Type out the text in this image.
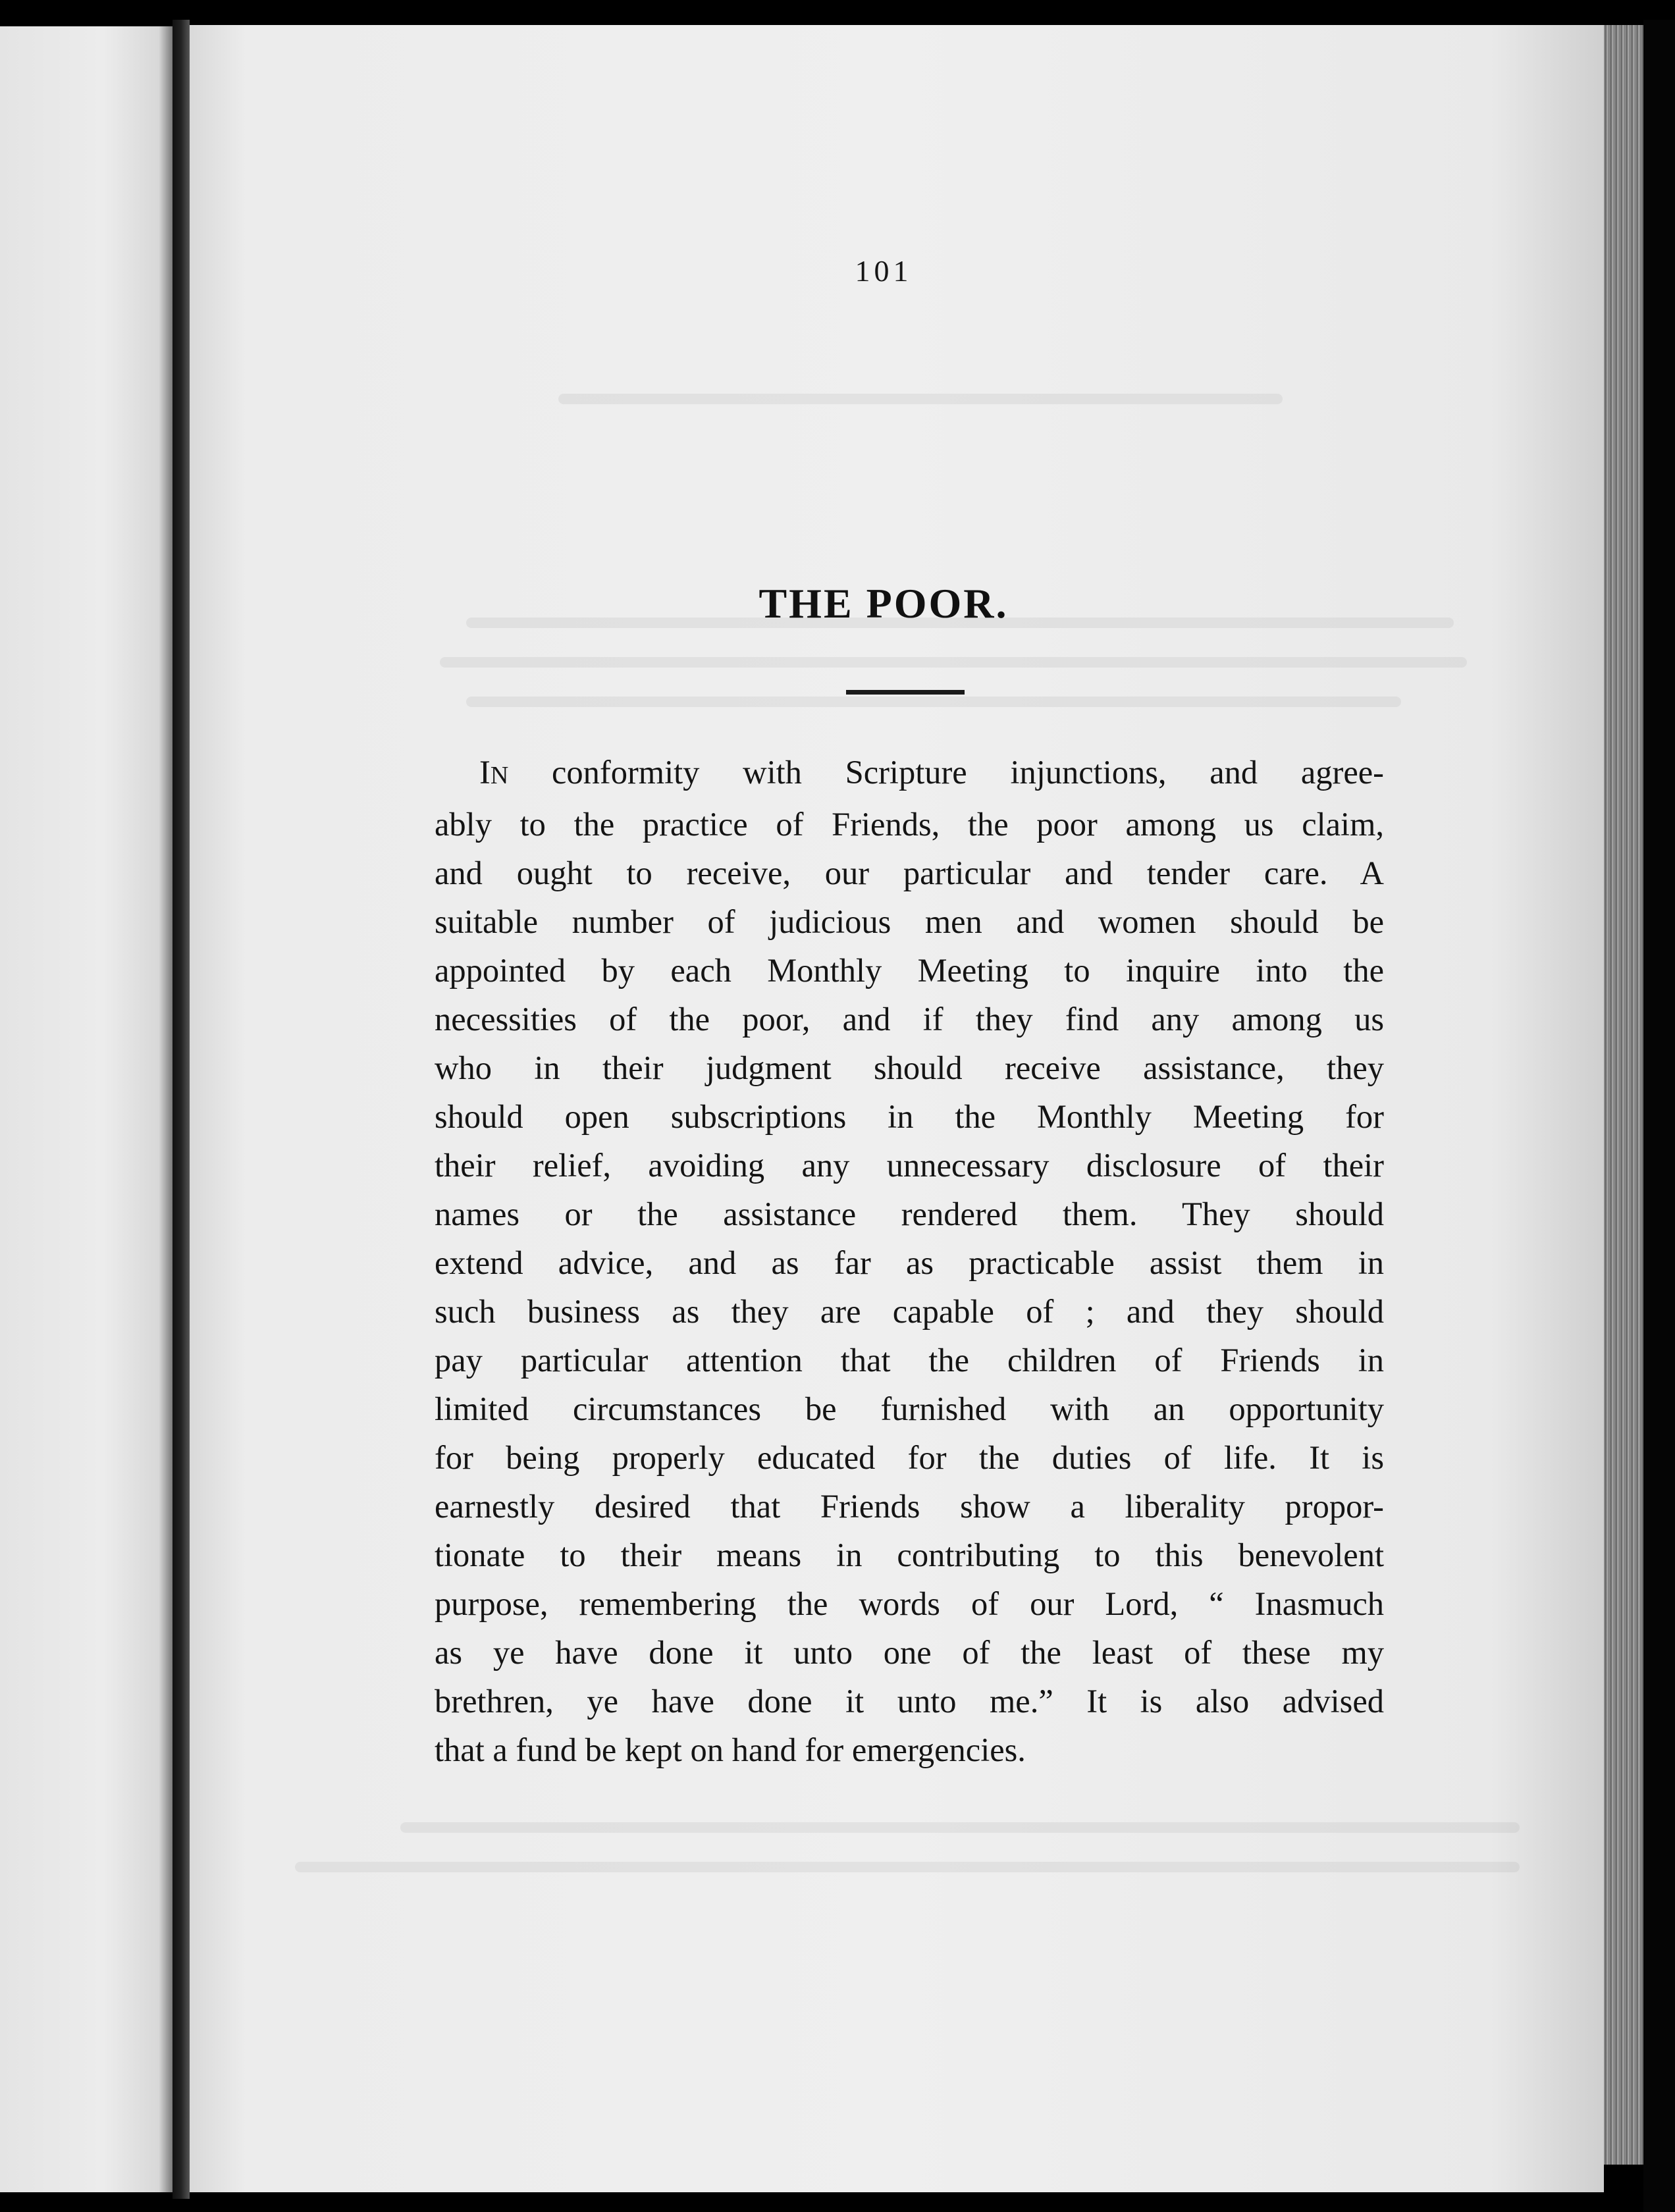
101
THE POOR.
IN conformity with Scripture injunctions, and agree-
ably to the practice of Friends, the poor among us claim,
and ought to receive, our particular and tender care. A
suitable number of judicious men and women should be
appointed by each Monthly Meeting to inquire into the
necessities of the poor, and if they find any among us
who in their judgment should receive assistance, they
should open subscriptions in the Monthly Meeting for
their relief, avoiding any unnecessary disclosure of their
names or the assistance rendered them. They should
extend advice, and as far as practicable assist them in
such business as they are capable of ; and they should
pay particular attention that the children of Friends in
limited circumstances be furnished with an opportunity
for being properly educated for the duties of life. It is
earnestly desired that Friends show a liberality propor-
tionate to their means in contributing to this benevolent
purpose, remembering the words of our Lord, “ Inasmuch
as ye have done it unto one of the least of these my
brethren, ye have done it unto me.” It is also advised
that a fund be kept on hand for emergencies.
